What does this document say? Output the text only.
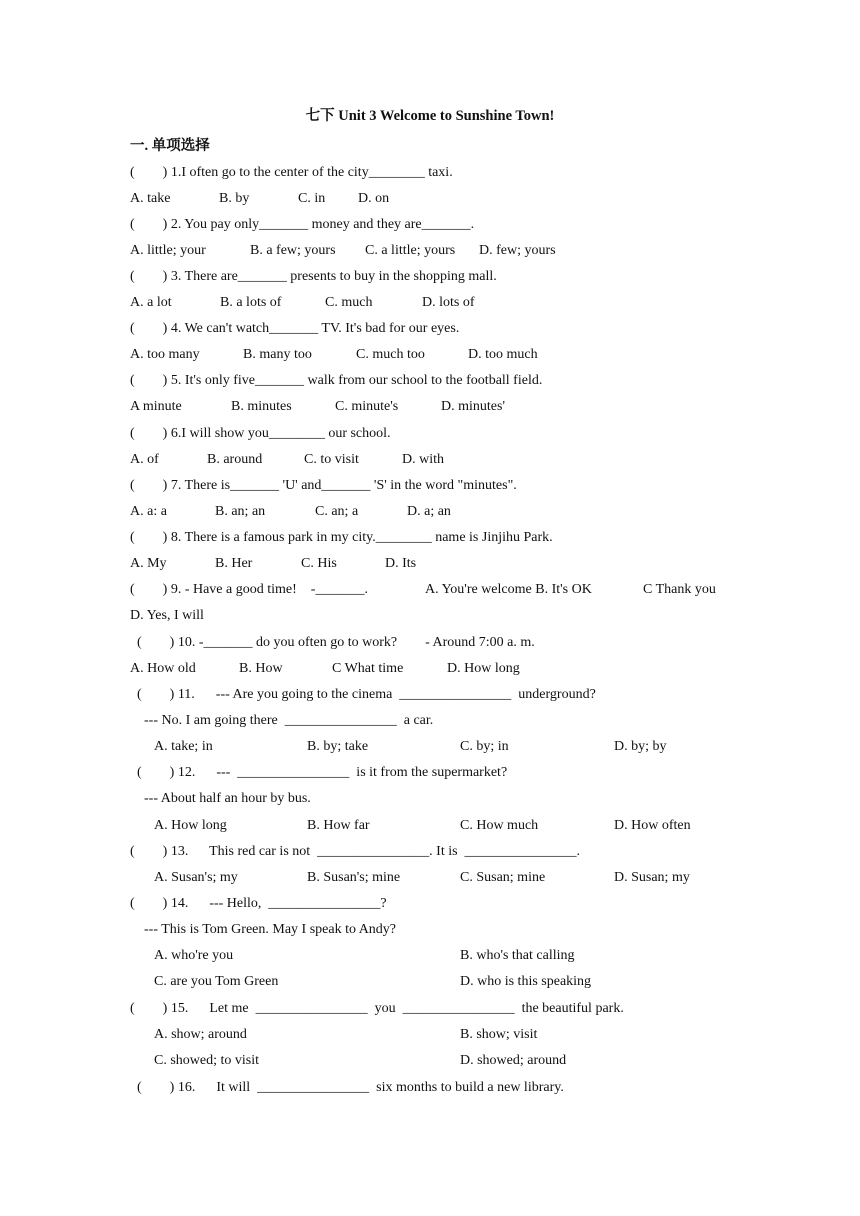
七下 Unit 3 Welcome to Sunshine Town!
一. 单项选择
(        ) 1.I often go to the center of the city________ taxi.
A. take	B. by	C. in D. on
(        ) 2. You pay only_______ money and they are_______.
A. little; your	B. a few; yours C. a little; yours D. few; yours
(        ) 3. There are_______ presents to buy in the shopping mall.
A. a lot	B. a lots of	C. much	D. lots of
(        ) 4. We can't watch_______ TV. It's bad for our eyes.
A. too many	B. many too	C. much too	D. too much
(        ) 5. It's only five_______ walk from our school to the football field.
A minute	B. minutes	C. minute's	D. minutes'
(        ) 6.I will show you________ our school.
A. of	B. around	C. to visit	D. with
(        ) 7. There is_______ 'U' and_______ 'S' in the word "minutes".
A. a: a	B. an; an	C. an; a	D. a; an
(        ) 8. There is a famous park in my city.________ name is Jinjihu Park.
A. My	B. Her	C. His	D. Its
(        ) 9. - Have a good time!    -_______.	A. You're welcome B. It's OK	C Thank you
D. Yes, I will
(        ) 10. -_______ do you often go to work?        - Around 7:00 a. m.
A. How old	B. How	C What time	D. How long
(        ) 11.      --- Are you going to the cinema  ________________  underground?
--- No. I am going there  ________________  a car.
A. take; in	B. by; take	C. by; in	D. by; by
(        ) 12.      ---  ________________  is it from the supermarket?
--- About half an hour by bus.
A. How long	B. How far	C. How much	D. How often
(        ) 13.      This red car is not  ________________. It is  ________________.
A. Susan's; my	B. Susan's; mine	C. Susan; mine	D. Susan; my
(        ) 14.      --- Hello,  ________________?
--- This is Tom Green. May I speak to Andy?
A. who're you	B. who's that calling
C. are you Tom Green	D. who is this speaking
(        ) 15.      Let me  ________________  you  ________________  the beautiful park.
A. show; around	B. show; visit
C. showed; to visit	D. showed; around
(        ) 16.      It will  ________________  six months to build a new library.
